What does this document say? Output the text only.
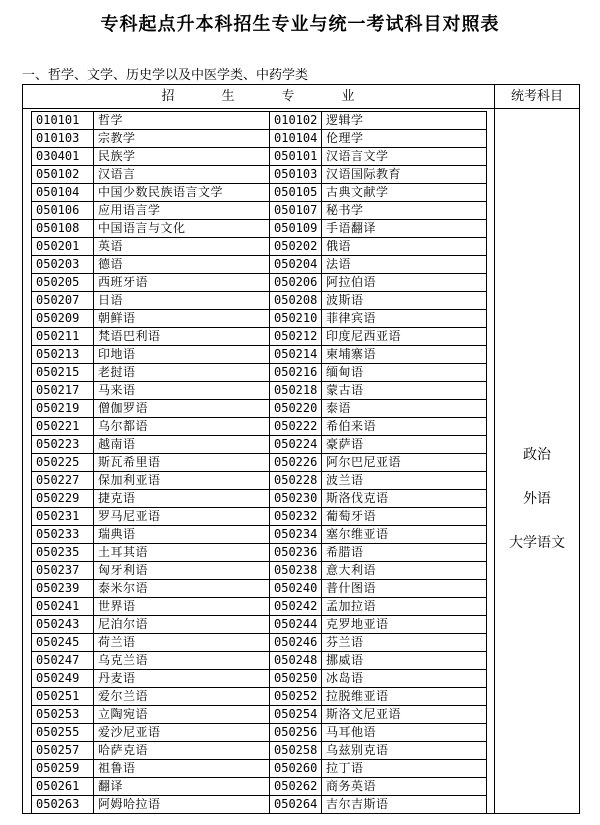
专科起点升本科招生专业与统一考试科目对照表
一、哲学、文学、历史学以及中医学类、中药学类
招	生	专	业	统考科目
010101	哲学	010102	逻辑学
010103	宗教学	010104	伦理学
030401	民族学	050101	汉语言文学
050102	汉语言	050103	汉语国际教育
050104	中国少数民族语言文学	050105	古典文献学
050106	应用语言学	050107	秘书学
050108	中国语言与文化	050109	手语翻译
050201	英语	050202	俄语
050203	德语	050204	法语
050205	西班牙语	050206	阿拉伯语
050207	日语	050208	波斯语
050209	朝鲜语	050210	菲律宾语
050211	梵语巴利语	050212	印度尼西亚语
050213	印地语	050214	柬埔寨语
050215	老挝语	050216	缅甸语
050217	马来语	050218	蒙古语
050219	僧伽罗语	050220	泰语
050221	乌尔都语	050222	希伯来语
050223	越南语	050224	豪萨语
050225	斯瓦希里语	050226	阿尔巴尼亚语
050227	保加利亚语	050228	波兰语
050229	捷克语	050230	斯洛伐克语
050231	罗马尼亚语	050232	葡萄牙语
050233	瑞典语	050234	塞尔维亚语
050235	土耳其语	050236	希腊语
050237	匈牙利语	050238	意大利语
050239	泰米尔语	050240	普什图语
050241	世界语	050242	孟加拉语
050243	尼泊尔语	050244	克罗地亚语
050245	荷兰语	050246	芬兰语
050247	乌克兰语	050248	挪威语
050249	丹麦语	050250	冰岛语
050251	爱尔兰语	050252	拉脱维亚语
050253	立陶宛语	050254	斯洛文尼亚语
050255	爱沙尼亚语	050256	马耳他语
050257	哈萨克语	050258	乌兹别克语
050259	祖鲁语	050260	拉丁语
050261	翻译	050262	商务英语
050263	阿姆哈拉语	050264	吉尔吉斯语
政治
外语
大学语文
